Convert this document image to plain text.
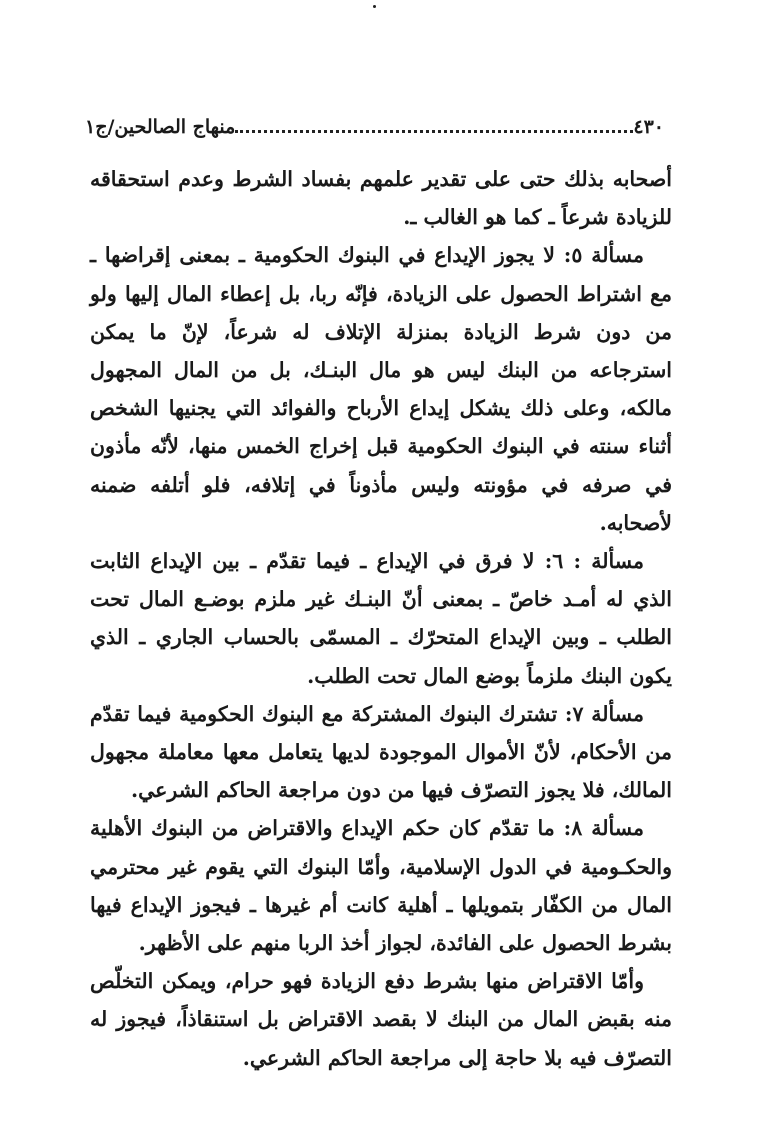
٤٣٠
منهاج الصالحين/ج١

أصحابه بذلك حتى على تقدير علمهم بفساد الشرط وعدم استحقاقه للزيادة شرعاً ـ كما هو الغالب ـ.

مسألة ٥: لا يجوز الإيداع في البنوك الحكومية ـ بمعنى إقراضها ـ مع اشتراط الحصول على الزيادة، فإنّه ربا، بل إعطاء المال إليها ولو من دون شرط الزيادة بمنزلة الإتلاف له شرعاً، لإنّ ما يمكن استرجاعه من البنك ليس هو مال البنـك، بل من المال المجهول مالكه، وعلى ذلك يشكل إيداع الأرباح والفوائد التي يجنيها الشخص أثناء سنته في البنوك الحكومية قبل إخراج الخمس منها، لأنّه مأذون في صرفه في مؤونته وليس مأذوناً في إتلافه، فلو أتلفه ضمنه لأصحابه.

مسألة : ٦: لا فرق في الإيداع ـ فيما تقدّم ـ بين الإيداع الثابت الذي له أمـد خاصّ ـ بمعنى أنّ البنـك غير ملزم بوضـع المال تحت الطلب ـ وبين الإيداع المتحرّك ـ المسمّى بالحساب الجاري ـ الذي يكون البنك ملزماً بوضع المال تحت الطلب.

مسألة ٧: تشترك البنوك المشتركة مع البنوك الحكومية فيما تقدّم من الأحكام، لأنّ الأموال الموجودة لديها يتعامل معها معاملة مجهول المالك، فلا يجوز التصرّف فيها من دون مراجعة الحاكم الشرعي.

مسألة ٨: ما تقدّم كان حكم الإيداع والاقتراض من البنوك الأهلية والحكـومية في الدول الإسلامية، وأمّا البنوك التي يقوم غير محترمي المال من الكفّار بتمويلها ـ أهلية كانت أم غيرها ـ فيجوز الإيداع فيها بشرط الحصول على الفائدة، لجواز أخذ الربا منهم على الأظهر.

وأمّا الاقتراض منها بشرط دفع الزيادة فهو حرام، ويمكن التخلّص منه بقبض المال من البنك لا بقصد الاقتراض بل استنقاذاً، فيجوز له التصرّف فيه بلا حاجة إلى مراجعة الحاكم الشرعي.
